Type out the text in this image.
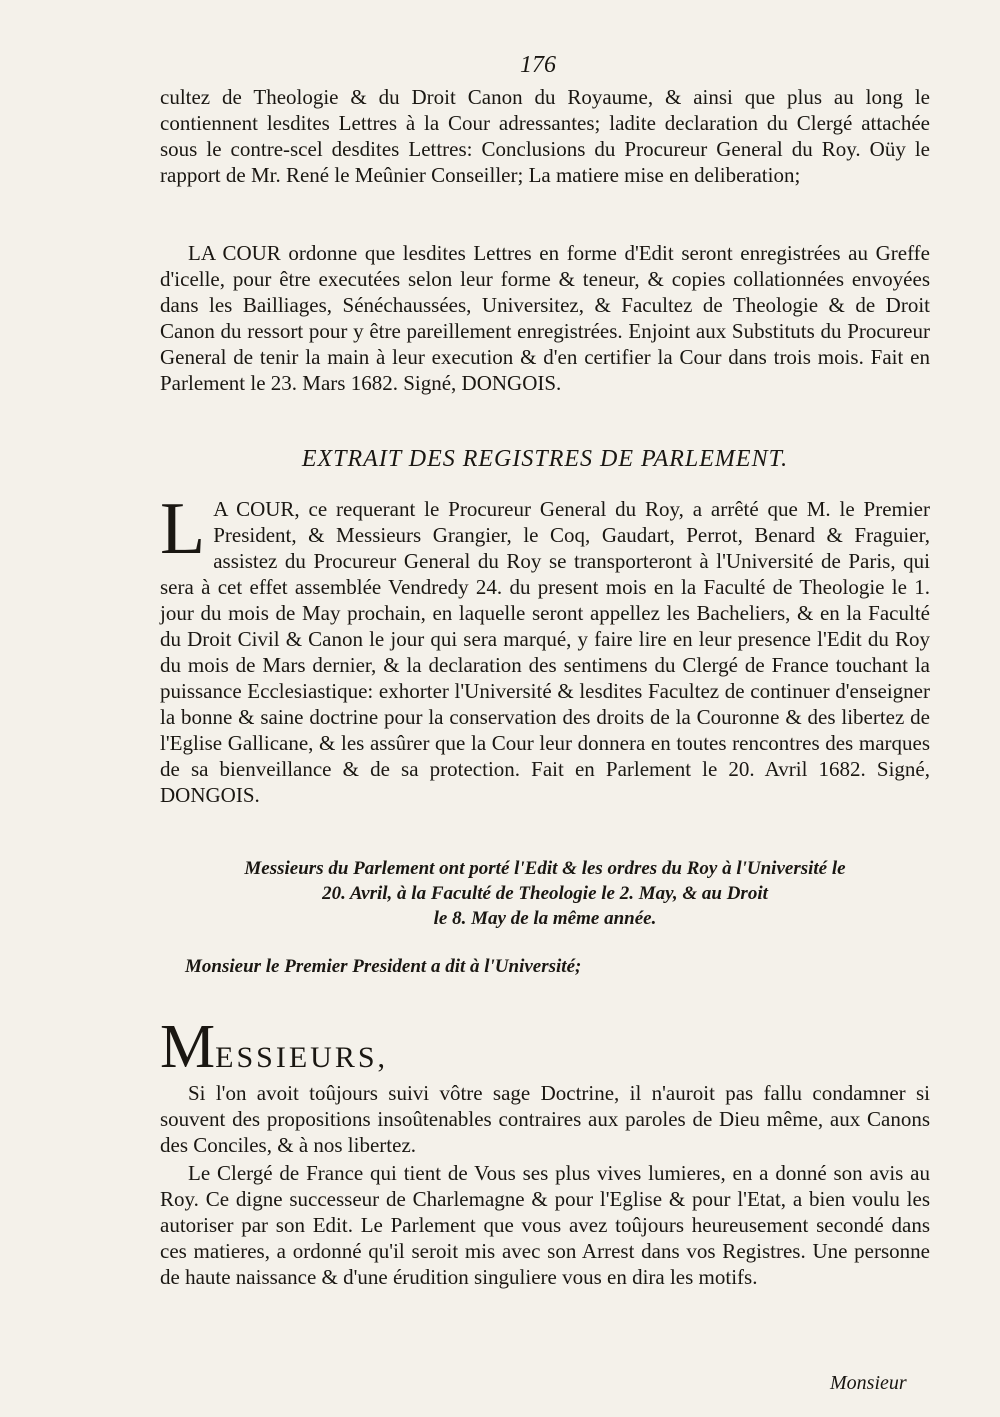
176

cultez de Theologie & du Droit Canon du Royaume, & ainsi que plus au long le contiennent lesdites Lettres à la Cour adressantes; ladite declaration du Clergé attachée sous le contre-scel desdites Lettres: Conclusions du Procureur General du Roy. Oüy le rapport de Mr. René le Meûnier Conseiller; La matiere mise en deliberation;

LA COUR ordonne que lesdites Lettres en forme d'Edit seront enregistrées au Greffe d'icelle, pour être executées selon leur forme & teneur, & copies collationnées envoyées dans les Bailliages, Sénéchaussées, Universitez, & Facultez de Theologie & de Droit Canon du ressort pour y être pareillement enregistrées. Enjoint aux Substituts du Procureur General de tenir la main à leur execution & d'en certifier la Cour dans trois mois. Fait en Parlement le 23. Mars 1682. Signé, DONGOIS.

EXTRAIT DES REGISTRES DE PARLEMENT.

L A COUR, ce requerant le Procureur General du Roy, a arrêté que M. le Premier President, & Messieurs Grangier, le Coq, Gaudart, Perrot, Benard & Fraguier, assistez du Procureur General du Roy se transporteront à l'Université de Paris, qui sera à cet effet assemblée Vendredy 24. du present mois en la Faculté de Theologie le 1. jour du mois de May prochain, en laquelle seront appellez les Bacheliers, & en la Faculté du Droit Civil & Canon le jour qui sera marqué, y faire lire en leur presence l'Edit du Roy du mois de Mars dernier, & la declaration des sentimens du Clergé de France touchant la puissance Ecclesiastique: exhorter l'Université & lesdites Facultez de continuer d'enseigner la bonne & saine doctrine pour la conservation des droits de la Couronne & des libertez de l'Eglise Gallicane, & les assûrer que la Cour leur donnera en toutes rencontres des marques de sa bienveillance & de sa protection. Fait en Parlement le 20. Avril 1682. Signé, DONGOIS.

Messieurs du Parlement ont porté l'Edit & les ordres du Roy à l'Université le
20. Avril, à la Faculté de Theologie le 2. May, & au Droit
le 8. May de la même année.
Monsieur le Premier President a dit à l'Université;
MESSIEURS,

Si l'on avoit toûjours suivi vôtre sage Doctrine, il n'auroit pas fallu condamner si souvent des propositions insoûtenables contraires aux paroles de Dieu même, aux Canons des Conciles, & à nos libertez.

Le Clergé de France qui tient de Vous ses plus vives lumieres, en a donné son avis au Roy. Ce digne successeur de Charlemagne & pour l'Eglise & pour l'Etat, a bien voulu les autoriser par son Edit. Le Parlement que vous avez toûjours heureusement secondé dans ces matieres, a ordonné qu'il seroit mis avec son Arrest dans vos Registres. Une personne de haute naissance & d'une érudition singuliere vous en dira les motifs.

Monsieur
